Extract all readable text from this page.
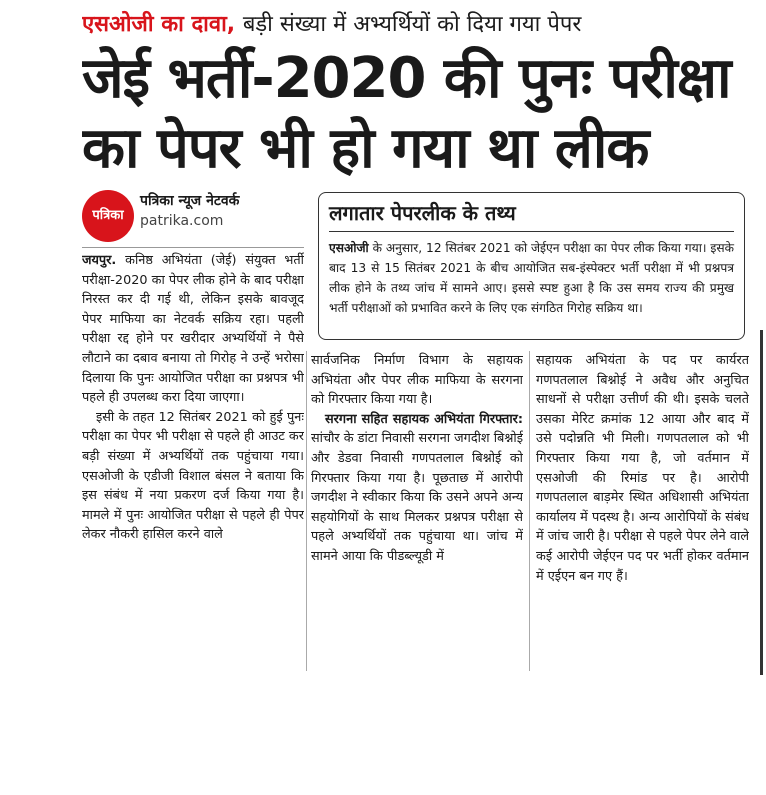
एसओजी का दावा, बड़ी संख्या में अभ्यर्थियों को दिया गया पेपर
जेई भर्ती-2020 की पुनः परीक्षा
का पेपर भी हो गया था लीक
पत्रिका
पत्रिका न्यूज नेटवर्क
patrika.com	लगातार पेपरलीक के तथ्य
एसओजी के अनुसार, 12 सितंबर 2021 को जेईएन परीक्षा का पेपर लीक किया गया। इसके बाद 13 से 15 सितंबर 2021 के बीच आयोजित सब-इंस्पेक्टर भर्ती परीक्षा में भी प्रश्नपत्र लीक होने के तथ्य जांच में सामने आए। इससे स्पष्ट हुआ है कि उस समय राज्य की प्रमुख भर्ती परीक्षाओं को प्रभावित करने के लिए एक संगठित गिरोह सक्रिय था।

जयपुर. कनिष्ठ अभियंता (जेई) संयुक्त भर्ती परीक्षा-2020 का पेपर लीक होने के बाद परीक्षा निरस्त कर दी गई थी, लेकिन इसके बावजूद पेपर माफिया का नेटवर्क सक्रिय रहा। पहली परीक्षा रद्द होने पर खरीदार अभ्यर्थियों ने पैसे लौटाने का दबाव बनाया तो गिरोह ने उन्हें भरोसा दिलाया कि पुनः आयोजित परीक्षा का प्रश्नपत्र भी पहले ही उपलब्ध करा दिया जाएगा।

इसी के तहत 12 सितंबर 2021 को हुई पुनः परीक्षा का पेपर भी परीक्षा से पहले ही आउट कर बड़ी संख्या में अभ्यर्थियों तक पहुंचाया गया। एसओजी के एडीजी विशाल बंसल ने बताया कि इस संबंध में नया प्रकरण दर्ज किया गया है। मामले में पुनः आयोजित परीक्षा से पहले ही पेपर लेकर नौकरी हासिल करने वाले

सार्वजनिक निर्माण विभाग के सहायक अभियंता और पेपर लीक माफिया के सरगना को गिरफ्तार किया गया है।

सरगना सहित सहायक अभियंता गिरफ्तार: सांचौर के डांटा निवासी सरगना जगदीश बिश्नोई और डेडवा निवासी गणपतलाल बिश्नोई को गिरफ्तार किया गया है। पूछताछ में आरोपी जगदीश ने स्वीकार किया कि उसने अपने अन्य सहयोगियों के साथ मिलकर प्रश्नपत्र परीक्षा से पहले अभ्यर्थियों तक पहुंचाया था। जांच में सामने आया कि पीडब्ल्यूडी में

सहायक अभियंता के पद पर कार्यरत गणपतलाल बिश्नोई ने अवैध और अनुचित साधनों से परीक्षा उत्तीर्ण की थी। इसके चलते उसका मेरिट क्रमांक 12 आया और बाद में उसे पदोन्नति भी मिली। गणपतलाल को भी गिरफ्तार किया गया है, जो वर्तमान में एसओजी की रिमांड पर है। आरोपी गणपतलाल बाड़मेर स्थित अधिशासी अभियंता कार्यालय में पदस्थ है। अन्य आरोपियों के संबंध में जांच जारी है। परीक्षा से पहले पेपर लेने वाले कई आरोपी जेईएन पद पर भर्ती होकर वर्तमान में एईएन बन गए हैं।
